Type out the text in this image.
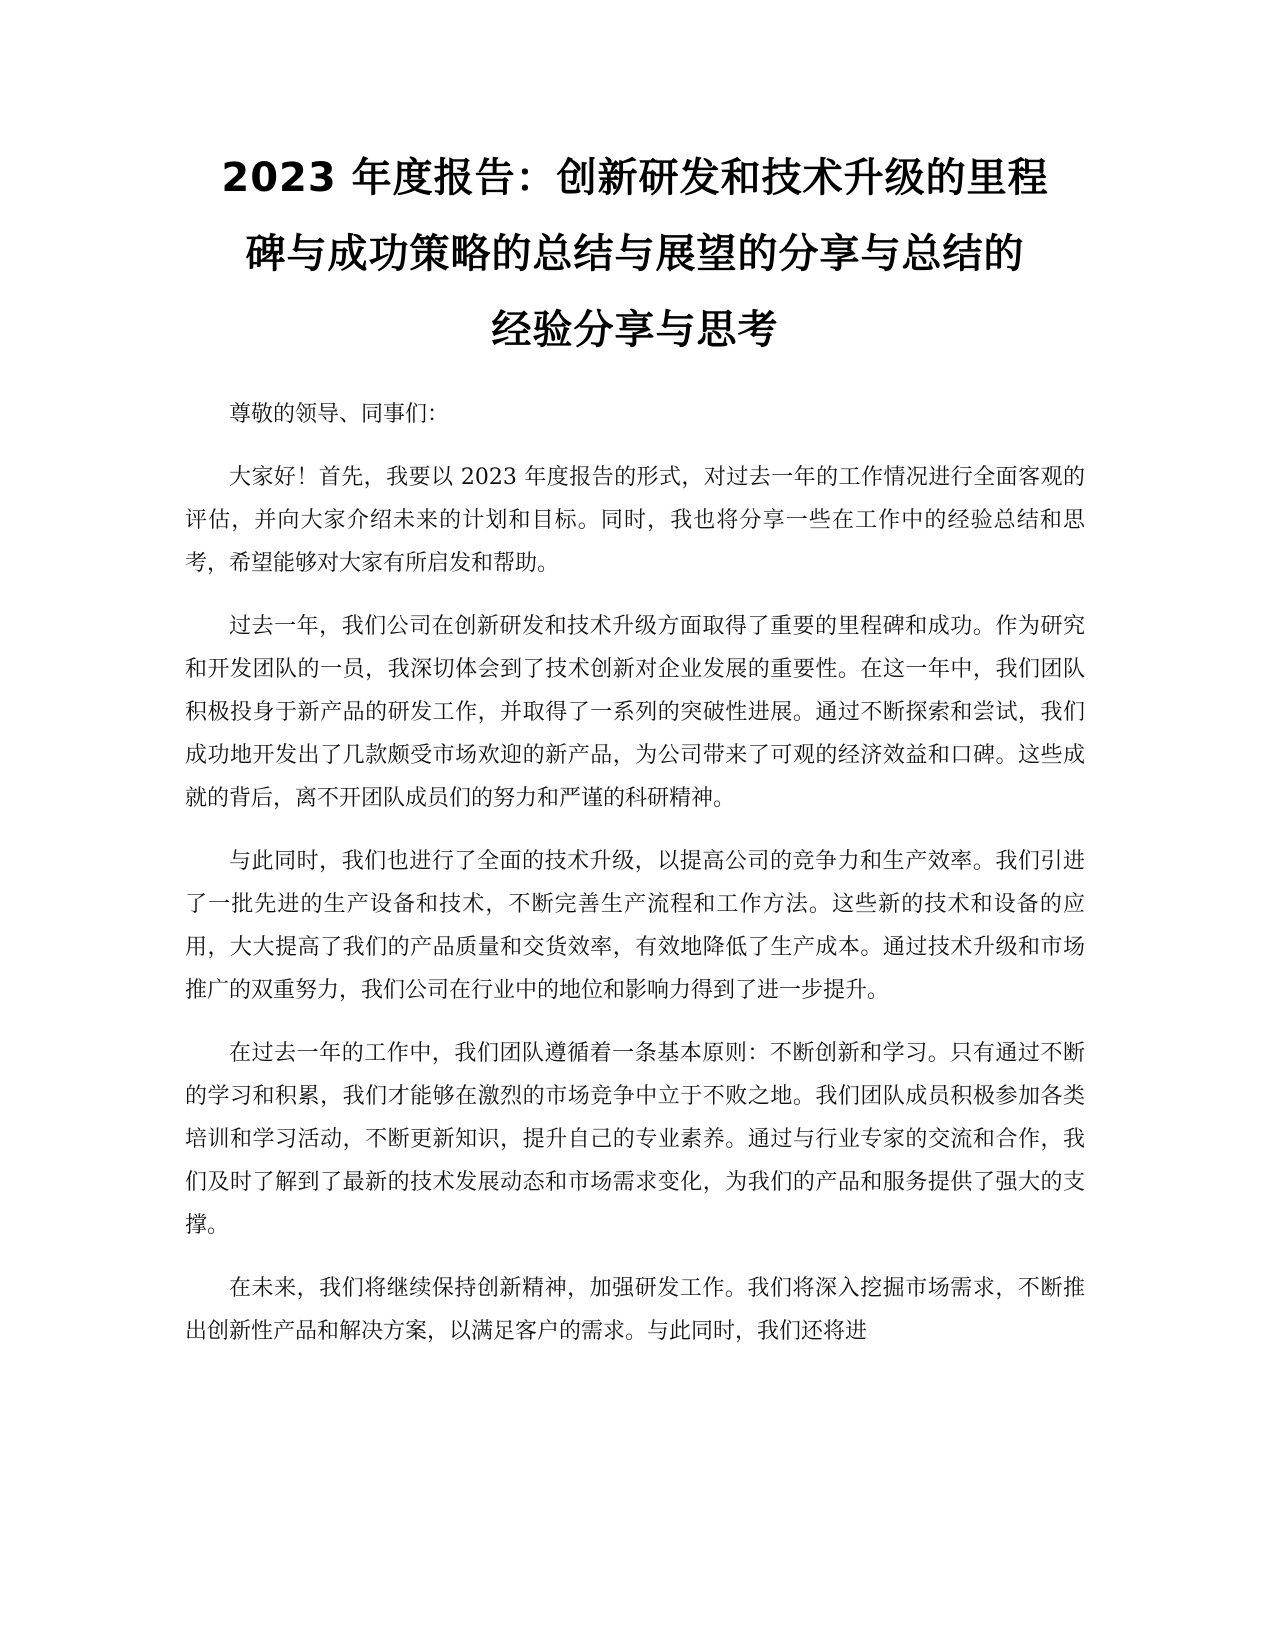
2023 年度报告：创新研发和技术升级的里程
碑与成功策略的总结与展望的分享与总结的
经验分享与思考

尊敬的领导、同事们：

大家好！首先，我要以 2023 年度报告的形式，对过去一年的工作情况进行全面客观的评估，并向大家介绍未来的计划和目标。同时，我也将分享一些在工作中的经验总结和思考，希望能够对大家有所启发和帮助。

过去一年，我们公司在创新研发和技术升级方面取得了重要的里程碑和成功。作为研究和开发团队的一员，我深切体会到了技术创新对企业发展的重要性。在这一年中，我们团队积极投身于新产品的研发工作，并取得了一系列的突破性进展。通过不断探索和尝试，我们成功地开发出了几款颇受市场欢迎的新产品，为公司带来了可观的经济效益和口碑。这些成就的背后，离不开团队成员们的努力和严谨的科研精神。

与此同时，我们也进行了全面的技术升级，以提高公司的竞争力和生产效率。我们引进了一批先进的生产设备和技术，不断完善生产流程和工作方法。这些新的技术和设备的应用，大大提高了我们的产品质量和交货效率，有效地降低了生产成本。通过技术升级和市场推广的双重努力，我们公司在行业中的地位和影响力得到了进一步提升。

在过去一年的工作中，我们团队遵循着一条基本原则：不断创新和学习。只有通过不断的学习和积累，我们才能够在激烈的市场竞争中立于不败之地。我们团队成员积极参加各类培训和学习活动，不断更新知识，提升自己的专业素养。通过与行业专家的交流和合作，我们及时了解到了最新的技术发展动态和市场需求变化，为我们的产品和服务提供了强大的支撑。

在未来，我们将继续保持创新精神，加强研发工作。我们将深入挖掘市场需求，不断推出创新性产品和解决方案，以满足客户的需求。与此同时，我们还将进
